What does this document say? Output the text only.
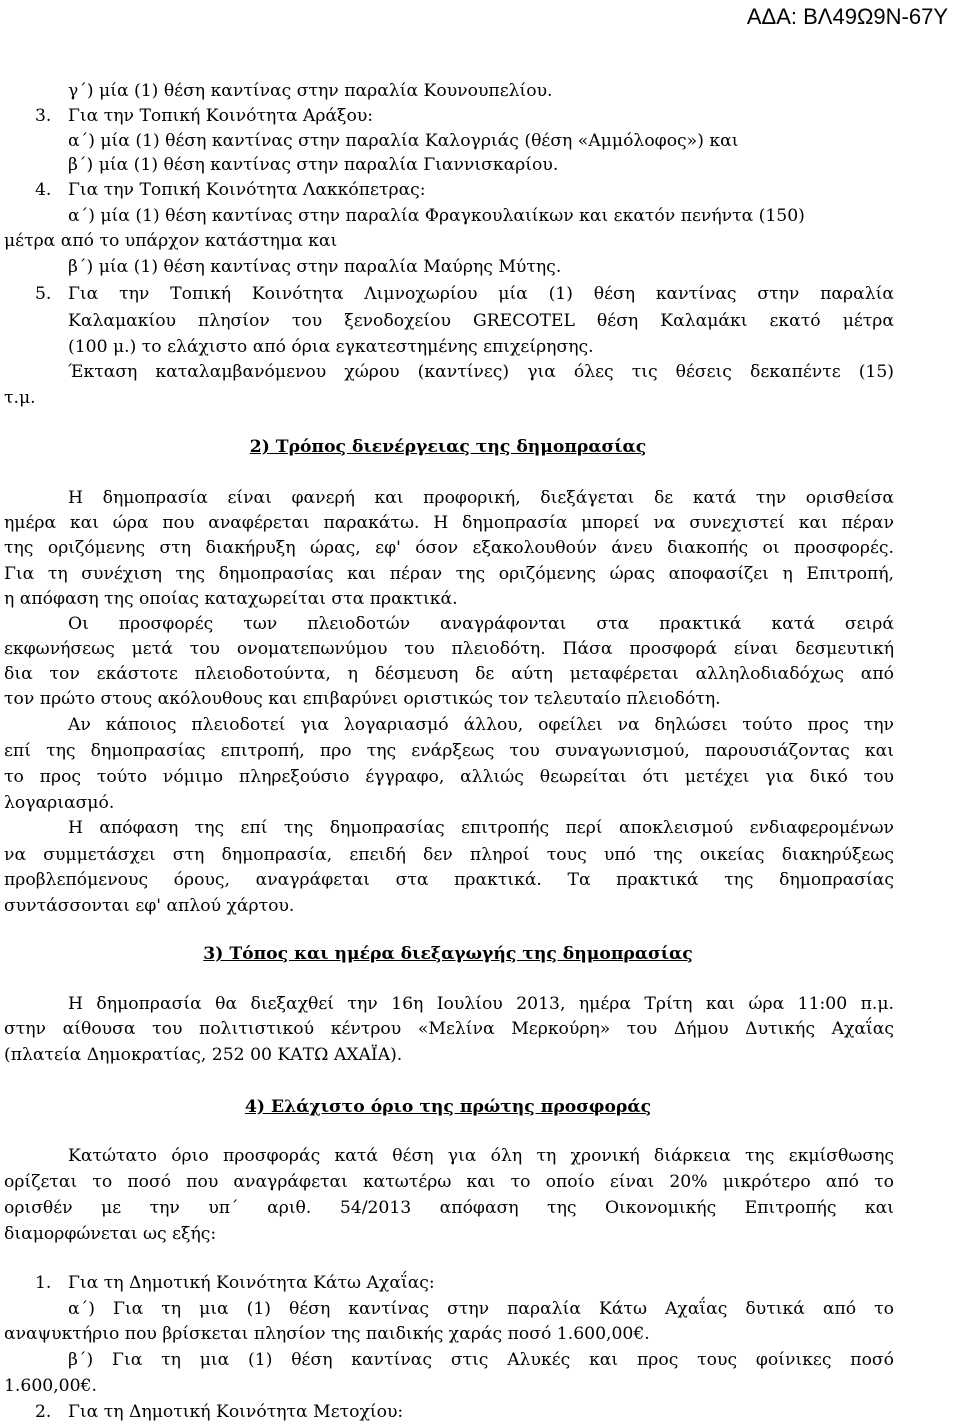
ΑΔΑ: ΒΛ49Ω9Ν-67Υ
γ΄) μία (1) θέση καντίνας στην παραλία Κουνουπελίου.
3. Για την Τοπική Κοινότητα Αράξου:
α΄) μία (1) θέση καντίνας στην παραλία Καλογριάς (θέση «Αμμόλοφος») και
β΄) μία (1) θέση καντίνας στην παραλία Γιαννισκαρίου.
4. Για την Τοπική Κοινότητα Λακκόπετρας:
α΄) μία (1) θέση καντίνας στην παραλία Φραγκουλαιίκων και εκατόν πενήντα (150)
μέτρα από το υπάρχον κατάστημα και
β΄) μία (1) θέση καντίνας στην παραλία Μαύρης Μύτης.
5. Για την Τοπική Κοινότητα Λιμνοχωρίου μία (1) θέση καντίνας στην παραλία
Καλαμακίου πλησίον του ξενοδοχείου GRECOTEL θέση Καλαμάκι εκατό μέτρα
(100 μ.) το ελάχιστο από όρια εγκατεστημένης επιχείρησης.
Έκταση καταλαμβανόμενου χώρου (καντίνες) για όλες τις θέσεις δεκαπέντε (15)
τ.μ.
2) Τρόπος διενέργειας της δημοπρασίας
Η δημοπρασία είναι φανερή και προφορική, διεξάγεται δε κατά την ορισθείσα
ημέρα και ώρα που αναφέρεται παρακάτω. Η δημοπρασία μπορεί να συνεχιστεί και πέραν
της οριζόμενης στη διακήρυξη ώρας, εφ' όσον εξακολουθούν άνευ διακοπής οι προσφορές.
Για τη συνέχιση της δημοπρασίας και πέραν της οριζόμενης ώρας αποφασίζει η Επιτροπή,
η απόφαση της οποίας καταχωρείται στα πρακτικά.
Οι προσφορές των πλειοδοτών αναγράφονται στα πρακτικά κατά σειρά
εκφωνήσεως μετά του ονοματεπωνύμου του πλειοδότη. Πάσα προσφορά είναι δεσμευτική
δια τον εκάστοτε πλειοδοτούντα, η δέσμευση δε αύτη μεταφέρεται αλληλοδιαδόχως από
τον πρώτο στους ακόλουθους και επιβαρύνει οριστικώς τον τελευταίο πλειοδότη.
Αν κάποιος πλειοδοτεί για λογαριασμό άλλου, οφείλει να δηλώσει τούτο προς την
επί της δημοπρασίας επιτροπή, προ της ενάρξεως του συναγωνισμού, παρουσιάζοντας και
το προς τούτο νόμιμο πληρεξούσιο έγγραφο, αλλιώς θεωρείται ότι μετέχει για δικό του
λογαριασμό.
Η απόφαση της επί της δημοπρασίας επιτροπής περί αποκλεισμού ενδιαφερομένων
να συμμετάσχει στη δημοπρασία, επειδή δεν πληροί τους υπό της οικείας διακηρύξεως
προβλεπόμενους όρους, αναγράφεται στα πρακτικά. Τα πρακτικά της δημοπρασίας
συντάσσονται εφ' απλού χάρτου.
3) Τόπος και ημέρα διεξαγωγής της δημοπρασίας
Η δημοπρασία θα διεξαχθεί την 16η Ιουλίου 2013, ημέρα Τρίτη και ώρα 11:00 π.μ.
στην αίθουσα του πολιτιστικού κέντρου «Μελίνα Μερκούρη» του Δήμου Δυτικής Αχαΐας
(πλατεία Δημοκρατίας, 252 00 ΚΑΤΩ ΑΧΑΪΑ).
4) Ελάχιστο όριο της πρώτης προσφοράς
Κατώτατο όριο προσφοράς κατά θέση για όλη τη χρονική διάρκεια της εκμίσθωσης
ορίζεται το ποσό που αναγράφεται κατωτέρω και το οποίο είναι 20% μικρότερο από το
ορισθέν με την υπ΄ αριθ. 54/2013 απόφαση της Οικονομικής Επιτροπής και
διαμορφώνεται ως εξής:
1. Για τη Δημοτική Κοινότητα Κάτω Αχαΐας:
α΄) Για τη μια (1) θέση καντίνας στην παραλία Κάτω Αχαΐας δυτικά από το
αναψυκτήριο που βρίσκεται πλησίον της παιδικής χαράς ποσό 1.600,00€.
β΄) Για τη μια (1) θέση καντίνας στις Αλυκές και προς τους φοίνικες ποσό
1.600,00€.
2. Για τη Δημοτική Κοινότητα Μετοχίου:
